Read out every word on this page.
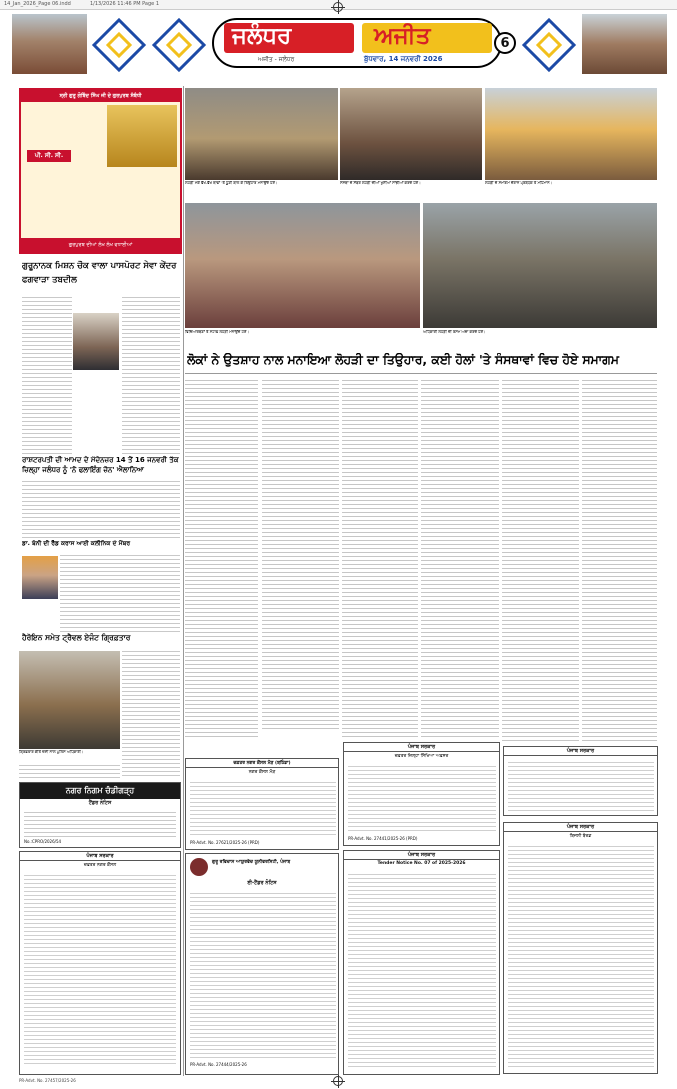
14_Jan_2026_Page 06.indd	1/13/2026 11:46 PM Page 1
ਜਲੰਧਰ	ਅਜੀਤ
ਅਜੀਤ - ਜਲੰਧਰ	ਬੁੱਧਵਾਰ, 14 ਜਨਵਰੀ 2026
6
ਸ੍ਰੀ ਗੁਰੂ ਗੋਬਿੰਦ ਸਿੰਘ ਜੀ ਦੇ ਗੁਰਪੁਰਬ ਸੰਬੰਧੀ
ਪੀ. ਸੀ. ਸੀ.
ਗੁਰਪੁਰਬ ਦੀਆਂ ਲੱਖ ਲੱਖ ਵਧਾਈਆਂ
ਗੁਰੂਨਾਨਕ ਮਿਸ਼ਨ ਚੌਕ ਵਾਲਾ ਪਾਸਪੋਰਟ ਸੇਵਾ ਕੇਂਦਰ ਫਗਵਾੜਾ ਤਬਦੀਲ
ਰਾਸ਼ਟਰਪਤੀ ਦੀ ਆਮਦ ਦੇ ਮੱਦੇਨਜ਼ਰ 14 ਤੋਂ 16 ਜਨਵਰੀ ਤੱਕ ਜ਼ਿਲ੍ਹਾ ਜਲੰਧਰ ਨੂੰ 'ਨੋ ਫਲਾਇੰਗ ਜ਼ੋਨ' ਐਲਾਨਿਆ
ਡਾ. ਬੋਨੀ ਦੀ ਰੈੱਡ ਕਰਾਸ ਆਈ ਕਲੀਨਿਕ ਦੇ ਮੈਂਬਰ
ਹੈਰੋਇਨ ਸਮੇਤ ਟ੍ਰੈਵਲ ਏਜੰਟ ਗ੍ਰਿਫ਼ਤਾਰ
ਗ੍ਰਿਫ਼ਤਾਰ ਕੀਤੇ ਦੋਸ਼ੀ ਨਾਲ ਪੁਲਿਸ ਅਧਿਕਾਰੀ।
ਨਗਰ ਨਿਗਮ ਚੰਡੀਗੜ੍ਹ
ਟੈਂਡਰ ਨੋਟਿਸ
No.:CPRO/2026/54
ਪੰਜਾਬ ਸਰਕਾਰ
ਦਫ਼ਤਰ ਨਗਰ ਕੌਂਸਲ
ਲੋਹੜੀ ਮੌਕੇ ਵੱਖ-ਵੱਖ ਥਾਵਾਂ 'ਤੇ ਧੂਣੀ ਬਾਲ ਕੇ ਤਿਉਹਾਰ ਮਨਾਉਂਦੇ ਹੋਏ।	ਸੰਸਥਾ ਦੇ ਮੈਂਬਰ ਲੋਹੜੀ ਦੀਆਂ ਖੁਸ਼ੀਆਂ ਸਾਂਝੀਆਂ ਕਰਦੇ ਹੋਏ।	ਲੋਹੜੀ ਦੇ ਸਮਾਗਮ ਦੌਰਾਨ ਪ੍ਰਬੰਧਕ ਤੇ ਮਹਿਮਾਨ।
ਵਿਦਿਆਰਥਣਾਂ ਤੇ ਸਟਾਫ਼ ਲੋਹੜੀ ਮਨਾਉਂਦੇ ਹੋਏ।	ਅਧਿਕਾਰੀ ਲੋਹੜੀ ਦੀ ਰਸਮ ਅਦਾ ਕਰਦੇ ਹੋਏ।
ਲੋਕਾਂ ਨੇ ਉਤਸ਼ਾਹ ਨਾਲ ਮਨਾਇਆ ਲੋਹੜੀ ਦਾ ਤਿਉਹਾਰ, ਕਈ ਹੋਲਾਂ 'ਤੇ ਸੰਸਥਾਵਾਂ ਵਿਚ ਹੋਏ ਸਮਾਗਮ
ਪੰਜਾਬ ਸਰਕਾਰ
ਪੰਜਾਬ ਸਰਕਾਰ
ਬਿਜਲੀ ਬੋਰਡ
ਪੰਜਾਬ ਸਰਕਾਰ
ਦਫ਼ਤਰ ਜ਼ਿਲ੍ਹਾ ਸਿੱਖਿਆ ਅਫ਼ਸਰ
PR-Advt. No. 27441/2025-26 (PRD)
ਪੰਜਾਬ ਸਰਕਾਰ
Tender Notice No. 07 of 2025-2026
ਦਫ਼ਤਰ ਨਗਰ ਕੌਂਸਲ ਮੌੜ (ਬਠਿੰਡਾ)
ਨਗਰ ਕੌਂਸਲ ਮੌੜ
PR-Advt. No. 27621/2025-26 (PRD)
ਗੁਰੂ ਰਵਿਦਾਸ ਆਯੁਰਵੇਦ ਯੂਨੀਵਰਸਿਟੀ, ਪੰਜਾਬ
ਈ-ਟੈਂਡਰ ਨੋਟਿਸ
PR-Advt. No. 27444/2025-26
PR-Advt. No. 27457/2025-26
